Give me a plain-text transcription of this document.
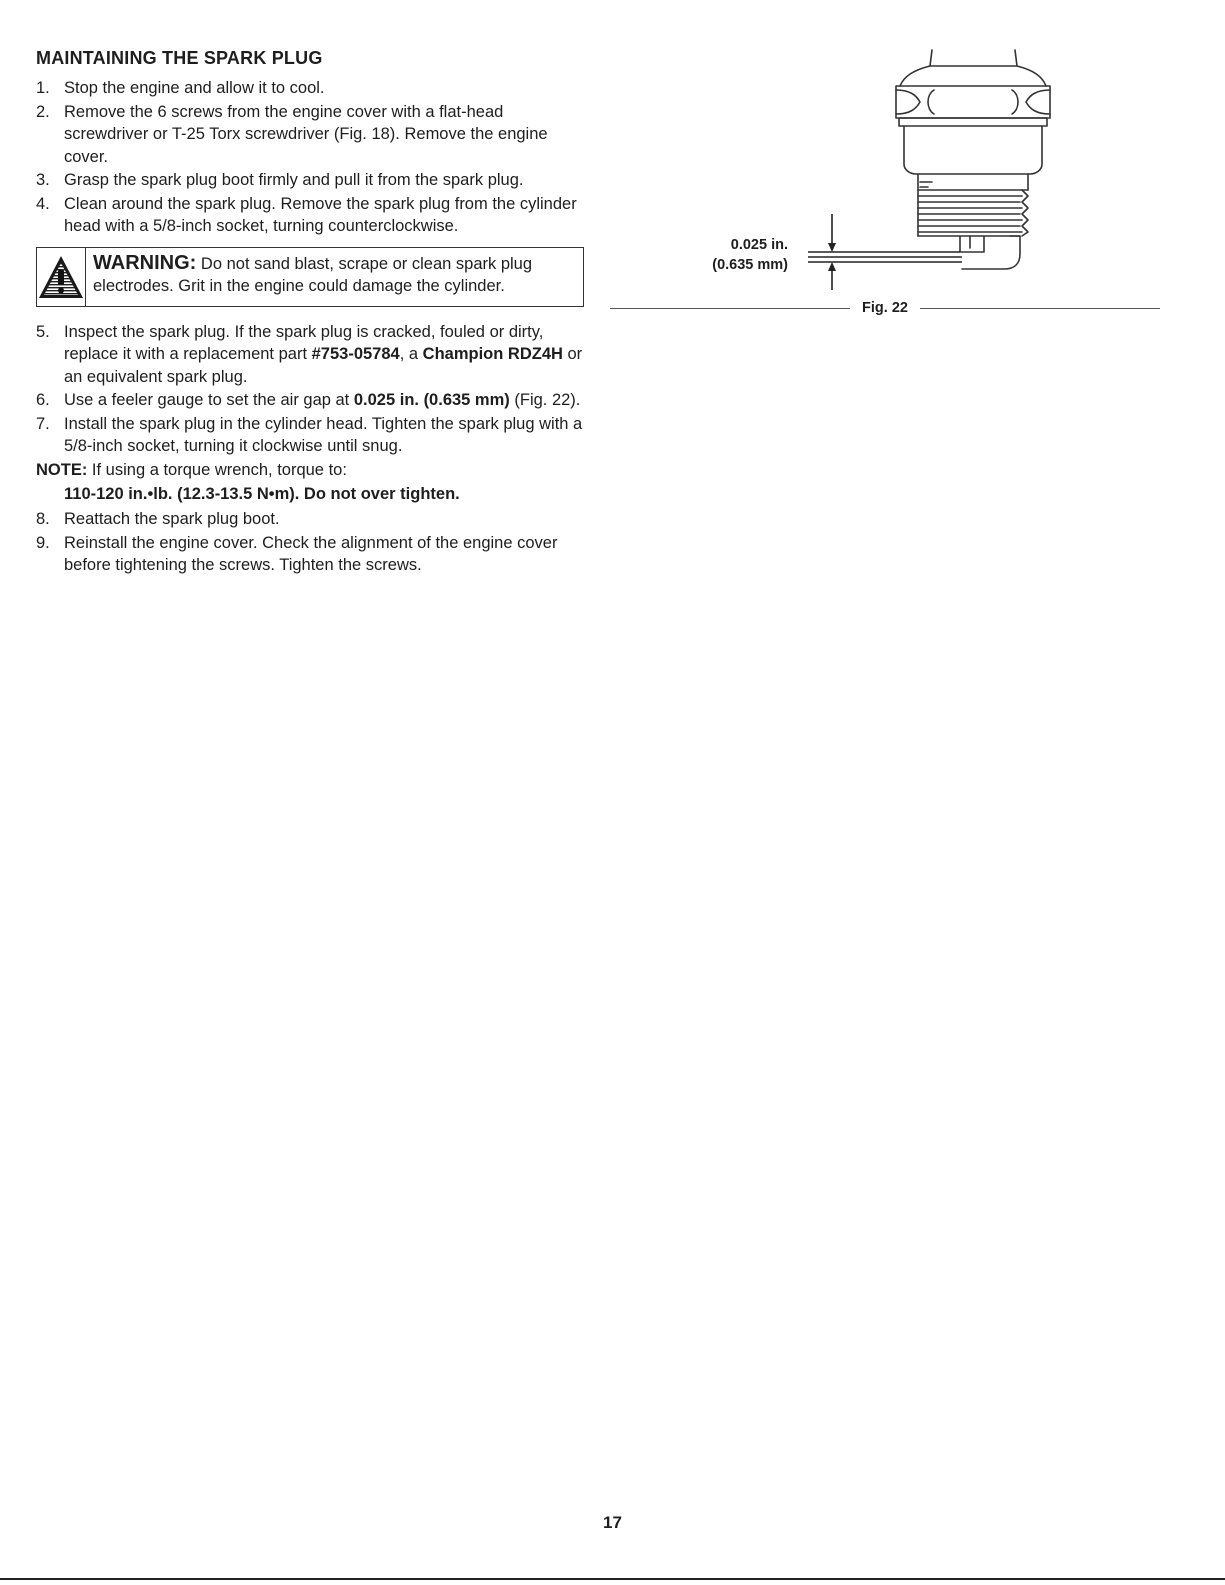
MAINTAINING THE SPARK PLUG
1. Stop the engine and allow it to cool.
2. Remove the 6 screws from the engine cover with a flat-head screwdriver or T-25 Torx screwdriver (Fig. 18). Remove the engine cover.
3. Grasp the spark plug boot firmly and pull it from the spark plug.
4. Clean around the spark plug. Remove the spark plug from the cylinder head with a 5/8-inch socket, turning counterclockwise.
WARNING: Do not sand blast, scrape or clean spark plug electrodes. Grit in the engine could damage the cylinder.
5. Inspect the spark plug. If the spark plug is cracked, fouled or dirty, replace it with a replacement part #753-05784, a Champion RDZ4H or an equivalent spark plug.
6. Use a feeler gauge to set the air gap at 0.025 in. (0.635 mm) (Fig. 22).
7. Install the spark plug in the cylinder head. Tighten the spark plug with a 5/8-inch socket, turning it clockwise until snug.
NOTE: If using a torque wrench, torque to:
110-120 in.•lb. (12.3-13.5 N•m). Do not over tighten.
8. Reattach the spark plug boot.
9. Reinstall the engine cover. Check the alignment of the engine cover before tightening the screws. Tighten the screws.
0.025 in.
(0.635 mm)
Fig. 22
17
